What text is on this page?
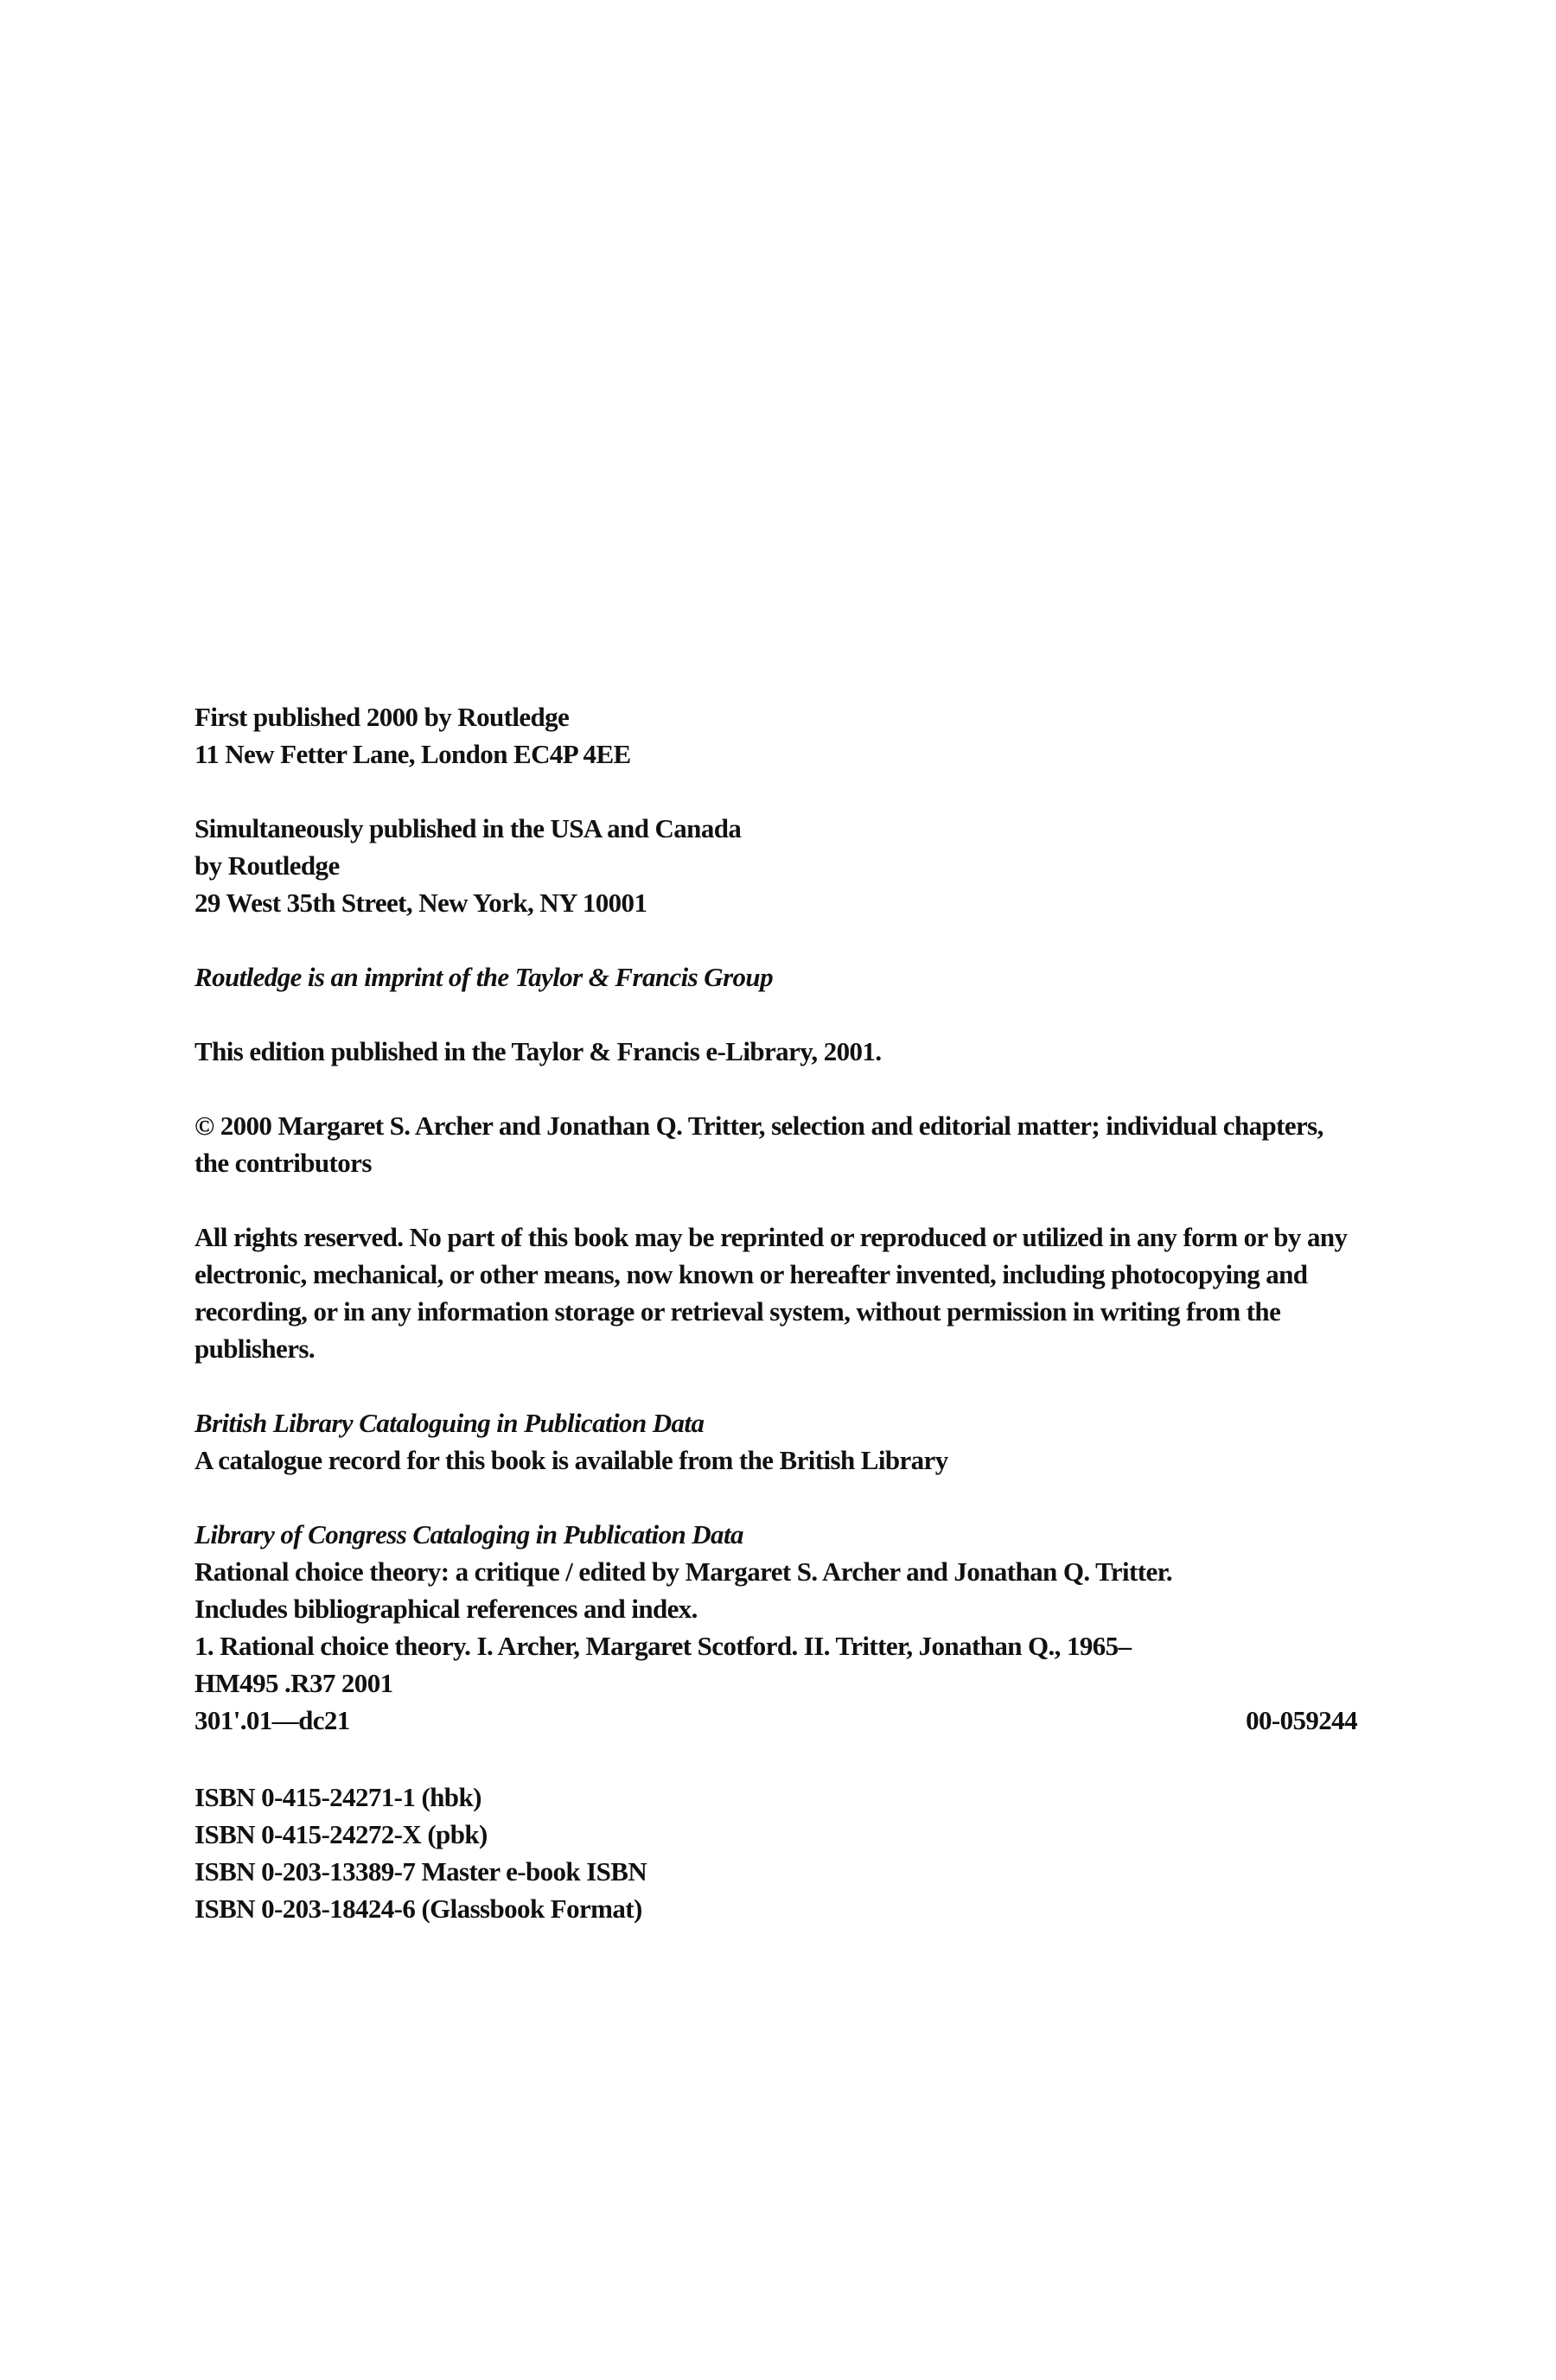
First published 2000 by Routledge
11 New Fetter Lane, London EC4P 4EE
Simultaneously published in the USA and Canada
by Routledge
29 West 35th Street, New York, NY 10001
Routledge is an imprint of the Taylor & Francis Group
This edition published in the Taylor & Francis e-Library, 2001.
© 2000 Margaret S. Archer and Jonathan Q. Tritter, selection and editorial matter; individual chapters,
the contributors
All rights reserved. No part of this book may be reprinted or reproduced or utilized in any form or by any electronic, mechanical, or other means, now known or hereafter invented, including photocopying and recording, or in any information storage or retrieval system, without permission in writing from the publishers.
British Library Cataloguing in Publication Data
A catalogue record for this book is available from the British Library
Library of Congress Cataloging in Publication Data
Rational choice theory: a critique / edited by Margaret S. Archer and Jonathan Q. Tritter.
Includes bibliographical references and index.
1. Rational choice theory. I. Archer, Margaret Scotford. II. Tritter, Jonathan Q., 1965–
HM495 .R37 2001
301'.01—dc21	00-059244
ISBN 0-415-24271-1 (hbk)
ISBN 0-415-24272-X (pbk)
ISBN 0-203-13389-7 Master e-book ISBN
ISBN 0-203-18424-6 (Glassbook Format)
